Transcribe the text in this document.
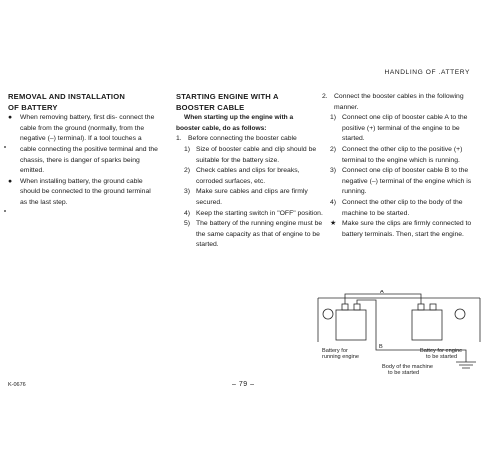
HANDLING OF .ATTERY
REMOVAL AND INSTALLATION
OF BATTERY
●	When removing battery, first dis- connect the cable from the ground (normally, from the negative (–) terminal). If a tool touches a cable connecting the positive terminal and the chassis, there is danger of sparks being emitted.
●	When installing battery, the ground cable should be connected to the ground terminal as the last step.
STARTING ENGINE WITH A
BOOSTER CABLE
When starting up the engine with a
booster cable, do as follows:
1. Before connecting the booster cable
1) Size of booster cable and clip should be suitable for the battery size.
2) Check cables and clips for breaks, corroded surfaces, etc.
3) Make sure cables and clips are firmly secured.
4) Keep the starting switch in "OFF" position.
5) The battery of the running engine must be the same capacity as that of engine to be started.
2. Connect the booster cables in the following manner.
1) Connect one clip of booster cable A to the positive (+) terminal of the engine to be started.
2) Connect the other clip to the positive (+) terminal to the engine which is running.
3) Connect one clip of booster cable B to the negative (–) terminal of the engine which is running.
4) Connect the other clip to the body of the machine to be started.
★ Make sure the clips are firmly connected to battery terminals. Then, start the engine.
A
B
Battery for
running engine
Battey for engine
to be started
Body of the machine
to be started
K-0676	– 79 –
